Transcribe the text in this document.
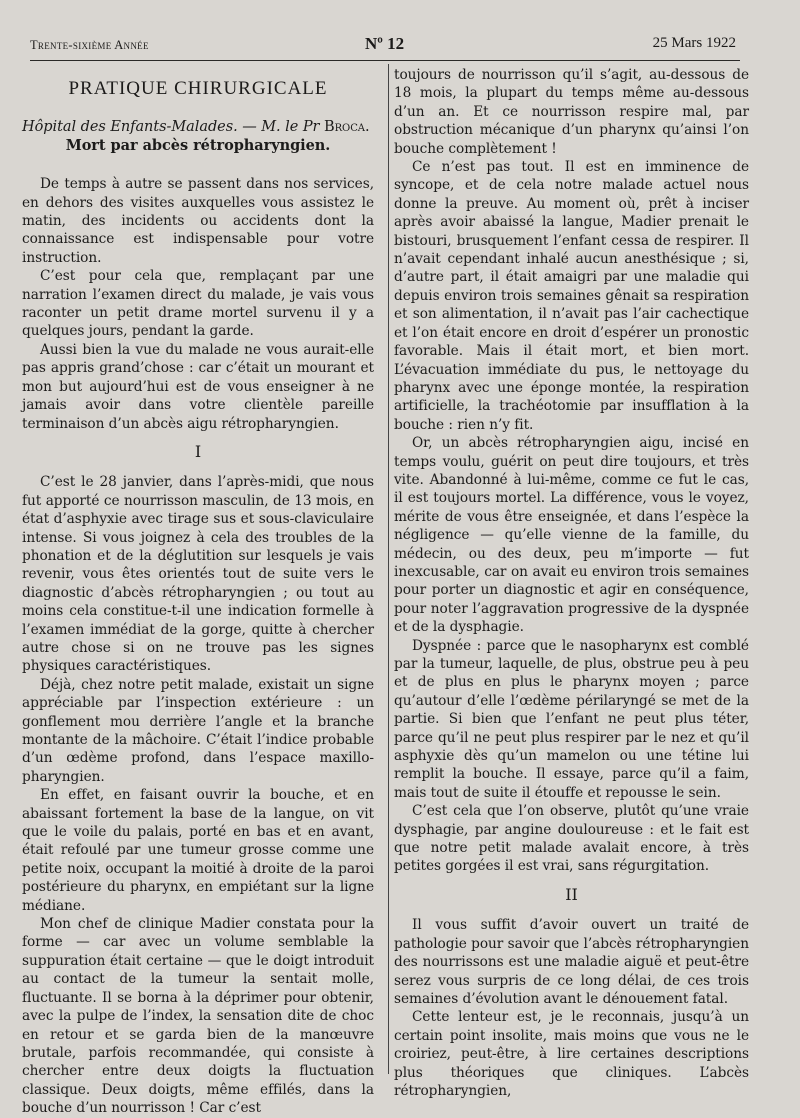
Trente-sixième Année	Nº 12	25 Mars 1922
PRATIQUE CHIRURGICALE

Hôpital des Enfants-Malades. — M. le Pr Broca.

Mort par abcès rétropharyngien.

De temps à autre se passent dans nos services, en dehors des visites auxquelles vous assistez le matin, des incidents ou accidents dont la connaissance est indispensable pour votre instruction.

C’est pour cela que, remplaçant par une narration l’examen direct du malade, je vais vous raconter un petit drame mortel survenu il y a quelques jours, pendant la garde.

Aussi bien la vue du malade ne vous aurait-elle pas appris grand’chose : car c’était un mourant et mon but aujourd’hui est de vous enseigner à ne jamais avoir dans votre clientèle pareille terminaison d’un abcès aigu rétropharyngien.

I

C’est le 28 janvier, dans l’après-midi, que nous fut apporté ce nourrisson masculin, de 13 mois, en état d’asphyxie avec tirage sus et sous-claviculaire intense. Si vous joignez à cela des troubles de la phonation et de la déglutition sur lesquels je vais revenir, vous êtes orientés tout de suite vers le diagnostic d’abcès rétropharyngien ; ou tout au moins cela constitue-t-il une indication formelle à l’examen immédiat de la gorge, quitte à chercher autre chose si on ne trouve pas les signes physiques caractéristiques.

Déjà, chez notre petit malade, existait un signe appréciable par l’inspection extérieure : un gonflement mou derrière l’angle et la branche montante de la mâchoire. C’était l’indice probable d’un œdème profond, dans l’espace maxillo-pharyngien.

En effet, en faisant ouvrir la bouche, et en abaissant fortement la base de la langue, on vit que le voile du palais, porté en bas et en avant, était refoulé par une tumeur grosse comme une petite noix, occupant la moitié à droite de la paroi postérieure du pharynx, en empiétant sur la ligne médiane.

Mon chef de clinique Madier constata pour la forme — car avec un volume semblable la suppuration était certaine — que le doigt introduit au contact de la tumeur la sentait molle, fluctuante. Il se borna à la déprimer pour obtenir, avec la pulpe de l’index, la sensation dite de choc en retour et se garda bien de la manœuvre brutale, parfois recommandée, qui consiste à chercher entre deux doigts la fluctuation classique. Deux doigts, même effilés, dans la bouche d’un nourrisson ! Car c’est

toujours de nourrisson qu’il s’agit, au-dessous de 18 mois, la plupart du temps même au-dessous d’un an. Et ce nourrisson respire mal, par obstruction mécanique d’un pharynx qu’ainsi l’on bouche complètement !

Ce n’est pas tout. Il est en imminence de syncope, et de cela notre malade actuel nous donne la preuve. Au moment où, prêt à inciser après avoir abaissé la langue, Madier prenait le bistouri, brusquement l’enfant cessa de respirer. Il n’avait cependant inhalé aucun anesthésique ; si, d’autre part, il était amaigri par une maladie qui depuis environ trois semaines gênait sa respiration et son alimentation, il n’avait pas l’air cachectique et l’on était encore en droit d’espérer un pronostic favorable. Mais il était mort, et bien mort. L’évacuation immédiate du pus, le nettoyage du pharynx avec une éponge montée, la respiration artificielle, la trachéotomie par insufflation à la bouche : rien n’y fit.

Or, un abcès rétropharyngien aigu, incisé en temps voulu, guérit on peut dire toujours, et très vite. Abandonné à lui-même, comme ce fut le cas, il est toujours mortel. La différence, vous le voyez, mérite de vous être enseignée, et dans l’espèce la négligence — qu’elle vienne de la famille, du médecin, ou des deux, peu m’importe — fut inexcusable, car on avait eu environ trois semaines pour porter un diagnostic et agir en conséquence, pour noter l’aggravation progressive de la dyspnée et de la dysphagie.

Dyspnée : parce que le nasopharynx est comblé par la tumeur, laquelle, de plus, obstrue peu à peu et de plus en plus le pharynx moyen ; parce qu’autour d’elle l’œdème périlaryngé se met de la partie. Si bien que l’enfant ne peut plus téter, parce qu’il ne peut plus respirer par le nez et qu’il asphyxie dès qu’un mamelon ou une tétine lui remplit la bouche. Il essaye, parce qu’il a faim, mais tout de suite il étouffe et repousse le sein.

C’est cela que l’on observe, plutôt qu’une vraie dysphagie, par angine douloureuse : et le fait est que notre petit malade avalait encore, à très petites gorgées il est vrai, sans régurgitation.

II

Il vous suffit d’avoir ouvert un traité de pathologie pour savoir que l’abcès rétropharyngien des nourrissons est une maladie aiguë et peut-être serez vous surpris de ce long délai, de ces trois semaines d’évolution avant le dénouement fatal.

Cette lenteur est, je le reconnais, jusqu’à un certain point insolite, mais moins que vous ne le croiriez, peut-être, à lire certaines descriptions plus théoriques que cliniques. L’abcès rétropharyngien,
